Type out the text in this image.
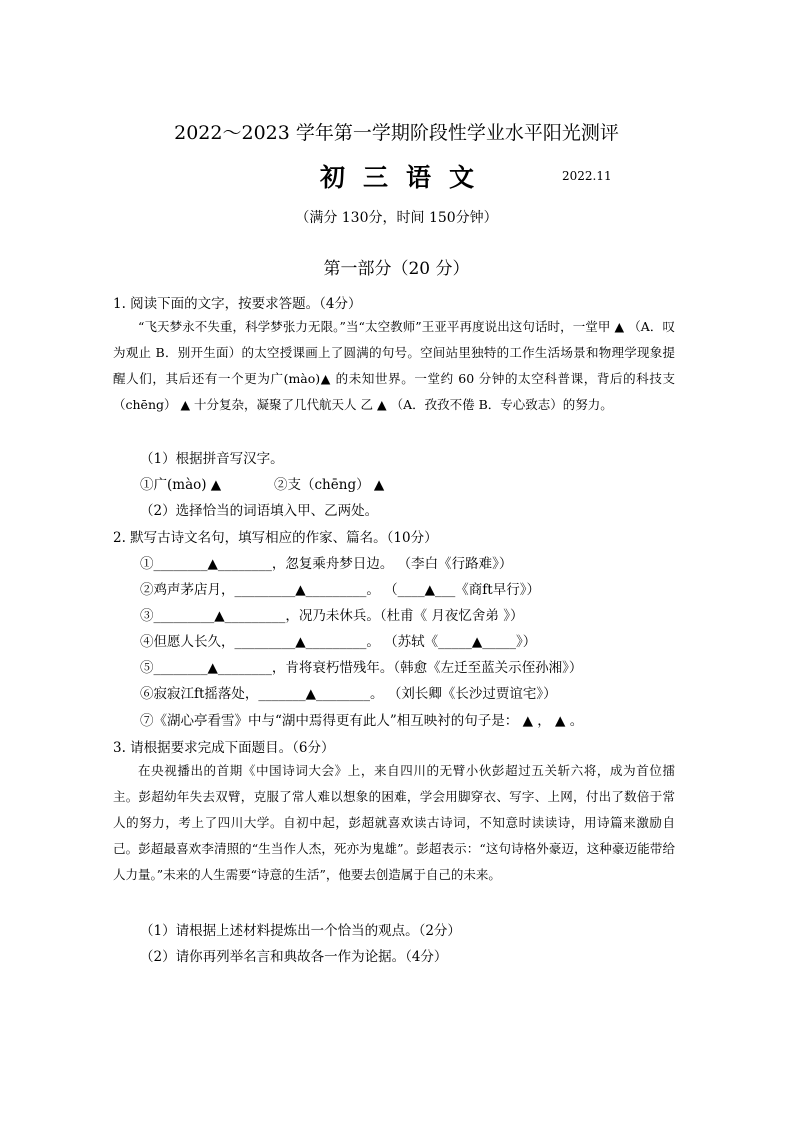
2022～2023 学年第一学期阶段性学业水平阳光测评
初三语文	2022.11
（满分 130分，时间 150分钟）
第一部分（20 分）
1. 阅读下面的文字，按要求答题。（4分）
“飞天梦永不失重，科学梦张力无限。”当“太空教师”王亚平再度说出这句话时，一堂甲 ▲ （A．叹为观止 B．别开生面）的太空授课画上了圆满的句号。空间站里独特的工作生活场景和物理学现象提醒人们，其后还有一个更为广(mào)▲ 的未知世界。一堂约 60 分钟的太空科普课，背后的科技支（chēng） ▲ 十分复杂，凝聚了几代航天人 乙 ▲ （A．孜孜不倦 B．专心致志）的努力。
（1）根据拼音写汉字。
①广(mào) ▲	②支（chēng） ▲
（2）选择恰当的词语填入甲、乙两处。
2. 默写古诗文名句，填写相应的作家、篇名。（10分）
①________▲________，忽复乘舟梦日边。 （李白《行路难》）
②鸡声茅店月，_________▲_________。 （____▲___《商ft早行》）
③_________▲_________，况乃未休兵。（杜甫《 月夜忆舍弟 》）
④但愿人长久，_________▲_________。 （苏轼《_____▲_____》）
⑤________▲________，肯将衰朽惜残年。（韩愈《左迁至蓝关示侄孙湘》）
⑥寂寂江ft摇落处，_______▲________。 （刘长卿《长沙过贾谊宅》）
⑦《湖心亭看雪》中与“湖中焉得更有此人”相互映衬的句子是： ▲ ， ▲ 。
3. 请根据要求完成下面题目。（6分）
在央视播出的首期《中国诗词大会》上，来自四川的无臂小伙彭超过五关斩六将，成为首位擂主。彭超幼年失去双臂，克服了常人难以想象的困难，学会用脚穿衣、写字、上网，付出了数倍于常人的努力，考上了四川大学。自初中起，彭超就喜欢读古诗词，不知意时读读诗，用诗篇来激励自己。彭超最喜欢李清照的“生当作人杰，死亦为鬼雄”。彭超表示：“这句诗格外豪迈，这种豪迈能带给人力量。”未来的人生需要“诗意的生活”，他要去创造属于自己的未来。
（1）请根据上述材料提炼出一个恰当的观点。（2分）
（2）请你再列举名言和典故各一作为论据。（4分）
